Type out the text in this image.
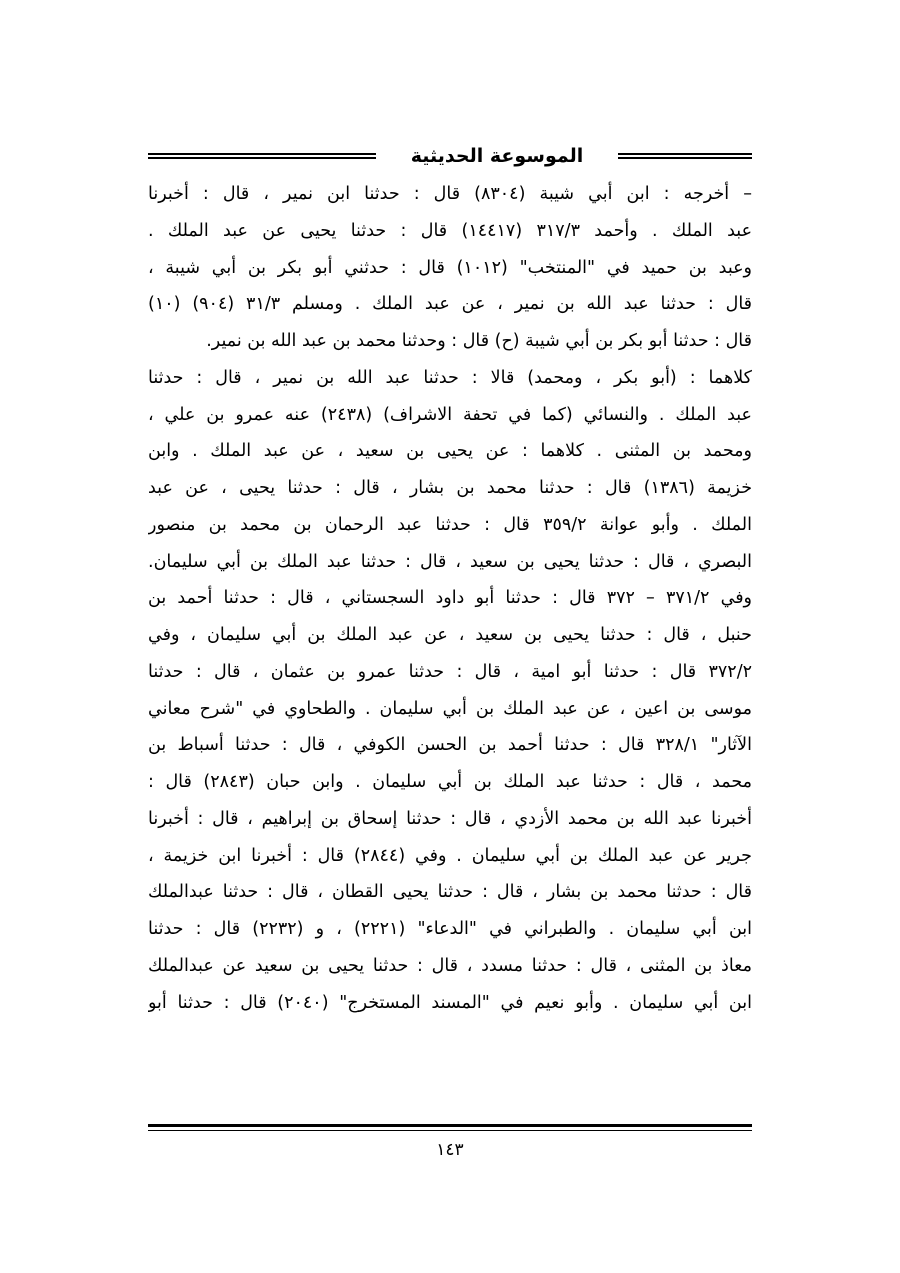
الموسوعة الحديثية
– أخرجه : ابن أبي شيبة (٨٣٠٤) قال : حدثنا ابن نمير ، قال : أخبرنا
عبد الملك . وأحمد ٣١٧/٣ (١٤٤١٧) قال : حدثنا يحيى عن عبد الملك .
وعبد بن حميد في "المنتخب" (١٠١٢) قال : حدثني أبو بكر بن أبي شيبة ،
قال : حدثنا عبد الله بن نمير ، عن عبد الملك . ومسلم ٣١/٣ (٩٠٤) (١٠)
قال : حدثنا أبو بكر بن أبي شيبة (ح) قال : وحدثنا محمد بن عبد الله بن نمير.
كلاهما : (أبو بكر ، ومحمد) قالا : حدثنا عبد الله بن نمير ، قال : حدثنا
عبد الملك . والنسائي (كما في تحفة الاشراف) (٢٤٣٨) عنه عمرو بن علي ،
ومحمد بن المثنى . كلاهما : عن يحيى بن سعيد ، عن عبد الملك . وابن
خزيمة (١٣٨٦) قال : حدثنا محمد بن بشار ، قال : حدثنا يحيى ، عن عبد
الملك . وأبو عوانة ٣٥٩/٢ قال : حدثنا عبد الرحمان بن محمد بن منصور
البصري ، قال : حدثنا يحيى بن سعيد ، قال : حدثنا عبد الملك بن أبي سليمان.
وفي ٣٧١/٢ – ٣٧٢ قال : حدثنا أبو داود السجستاني ، قال : حدثنا أحمد بن
حنبل ، قال : حدثنا يحيى بن سعيد ، عن عبد الملك بن أبي سليمان ، وفي
٣٧٢/٢ قال : حدثنا أبو امية ، قال : حدثنا عمرو بن عثمان ، قال : حدثنا
موسى بن اعين ، عن عبد الملك بن أبي سليمان . والطحاوي في "شرح معاني
الآثار" ٣٢٨/١ قال : حدثنا أحمد بن الحسن الكوفي ، قال : حدثنا أسباط بن
محمد ، قال : حدثنا عبد الملك بن أبي سليمان . وابن حبان (٢٨٤٣) قال :
أخبرنا عبد الله بن محمد الأزدي ، قال : حدثنا إسحاق بن إبراهيم ، قال : أخبرنا
جرير عن عبد الملك بن أبي سليمان . وفي (٢٨٤٤) قال : أخبرنا ابن خزيمة ،
قال : حدثنا محمد بن بشار ، قال : حدثنا يحيى القطان ، قال : حدثنا عبدالملك
ابن أبي سليمان . والطبراني في "الدعاء" (٢٢٢١) ، و (٢٢٣٢) قال : حدثنا
معاذ بن المثنى ، قال : حدثنا مسدد ، قال : حدثنا يحيى بن سعيد عن عبدالملك
ابن أبي سليمان . وأبو نعيم في "المسند المستخرج" (٢٠٤٠) قال : حدثنا أبو
١٤٣
